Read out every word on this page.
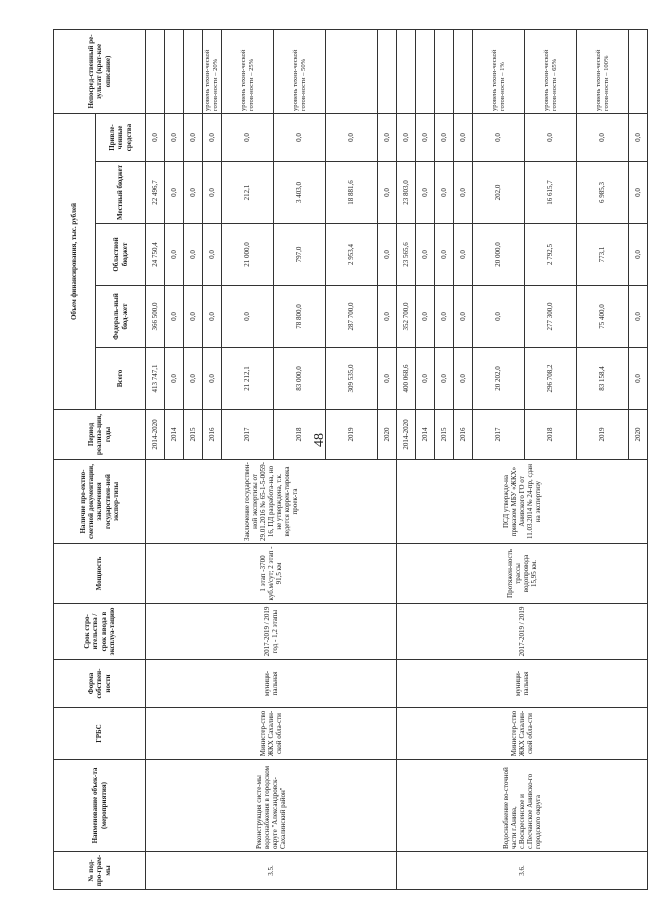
48
№ под-про-грам-мы	Наименование объек-та (мероприятия)	ГРБС	Форма собствен-ности	Срок стро-ительства / срок ввода в эксплуа-тацию	Мощность	Наличие про-ектно-сметной документации, заключения государствен-ной экспер-тизы	Период реализа-ции, годы	Объем финансирования, тыс. рублей					Непосред-ственный ре-зультат (крат-кое описание)
								Всего	Федераль-ный бюд-жет	Областной бюджет	Местный бюджет	Привле-ченные средства	
3.5.	Реконструкция систе-мы водоснабжения в городском округе "Александровск-Сахалинский район"	Министер-ство ЖКХ Сахалин-ской обла-сти	муници-пальная	2017-2019 / 2019 год - 1,2 этапы	1 этап -3700 куб.м/сут; 2 этап - 91,5 км	Заключение государствен-ной экспертизы от 29.01.2016 № 65-1-5-0059-16, ПД разработа-на, но не утверждена, т.к. ведется коррек-тировка проек-та	2014-2020	413 747,1	366 500,0	24 750,4	22 496,7	0,0	
							2014	0,0	0,0	0,0	0,0	0,0	
							2015	0,0	0,0	0,0	0,0	0,0	
							2016	0,0	0,0	0,0	0,0	0,0	уровень техни-ческой готов-ности – 20%
							2017	21 212,1	0,0	21 000,0	212,1	0,0	уровень техни-ческой готов-ности – 25%
							2018	83 000,0	78 800,0	797,0	3 403,0	0,0	уровень техни-ческой готов-ности – 50%
							2019	309 535,0	287 700,0	2 953,4	18 881,6	0,0	
							2020	0,0	0,0	0,0	0,0	0,0	
3.6.	Водоснабжение во-сточной части г.Анива, с.Воскресенское и с.Песчанское Анивско-го городского округа	Министер-ство ЖКХ Сахалин-ской обла-сти	муници-пальная	2017-2019 / 2019	Протяжен-ность трассы водопровода 15,95 км.	ПСД утвержде-на приказом МБУ «ЖКХ» Анивского ГО от 11.03.2014 № 24-пр, сдан на экспертизу	2014-2020	400 068,6	352 700,0	23 565,6	23 803,0	0,0	
							2014	0,0	0,0	0,0	0,0	0,0	
							2015	0,0	0,0	0,0	0,0	0,0	
							2016	0,0	0,0	0,0	0,0	0,0	
							2017	20 202,0	0,0	20 000,0	202,0	0,0	уровень техни-ческой готов-ности – 1%
							2018	296 708,2	277 300,0	2 792,5	16 615,7	0,0	уровень техни-ческой готов-ности – 65%
							2019	83 158,4	75 400,0	773,1	6 985,3	0,0	уровень техни-ческой готов-ности – 100%
							2020	0,0	0,0	0,0	0,0	0,0	
